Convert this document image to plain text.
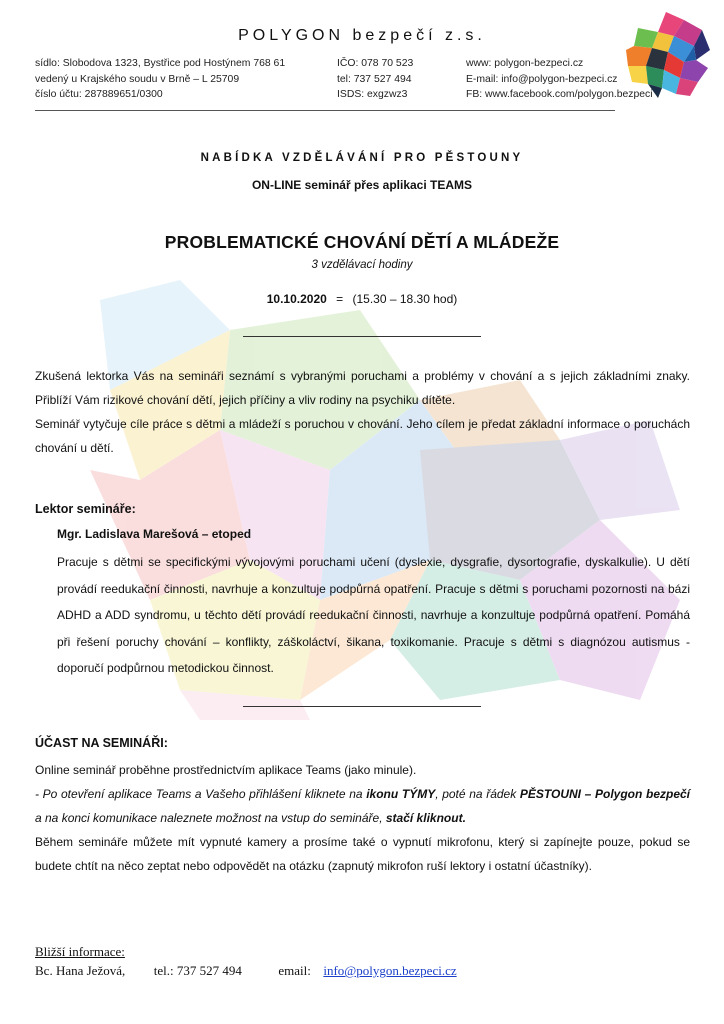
POLYGON bezpečí z.s.
sídlo: Slobodova 1323, Bystřice pod Hostýnem 768 61
vedený u Krajského soudu v Brně – L 25709
číslo účtu: 287889651/0300
IČO: 078 70 523
tel: 737 527 494
ISDS: exgzwz3
www: polygon-bezpeci.cz
E-mail: info@polygon-bezpeci.cz
FB: www.facebook.com/polygon.bezpeci
NABÍDKA VZDĚLÁVÁNÍ PRO PĚSTOUNY
ON-LINE seminář přes aplikaci TEAMS
PROBLEMATICKÉ CHOVÁNÍ DĚTÍ A MLÁDEŽE
3 vzdělávací hodiny
10.10.2020 = (15.30 – 18.30 hod)

Zkušená lektorka Vás na semináři seznámí s vybranými poruchami a problémy v chování a s jejich základními znaky. Přiblíží Vám rizikové chování dětí, jejich příčiny a vliv rodiny na psychiku dítěte.

Seminář vytyčuje cíle práce s dětmi a mládeží s poruchou v chování. Jeho cílem je předat základní informace o poruchách chování u dětí.

Lektor semináře:
Mgr. Ladislava Marešová – etoped
Pracuje s dětmi se specifickými vývojovými poruchami učení (dyslexie, dysgrafie, dysortografie, dyskalkulie). U dětí provádí reedukační činnosti, navrhuje a konzultuje podpůrná opatření. Pracuje s dětmi s poruchami pozornosti na bázi ADHD a ADD syndromu, u těchto dětí provádí reedukační činnosti, navrhuje a konzultuje podpůrná opatření. Pomáhá při řešení poruchy chování – konflikty, záškoláctví, šikana, toxikomanie. Pracuje s dětmi s diagnózou autismus - doporučí podpůrnou metodickou činnost.
ÚČAST NA SEMINÁŘI:

Online seminář proběhne prostřednictvím aplikace Teams (jako minule).

- Po otevření aplikace Teams a Vašeho přihlášení kliknete na ikonu TÝMY, poté na řádek PĚSTOUNI – Polygon bezpečí a na konci komunikace naleznete možnost na vstup do semináře, stačí kliknout.

Během semináře můžete mít vypnuté kamery a prosíme také o vypnutí mikrofonu, který si zapínejte pouze, pokud se budete chtít na něco zeptat nebo odpovědět na otázku (zapnutý mikrofon ruší lektory i ostatní účastníky).

Bližší informace:
Bc. Hana Ježová, tel.: 737 527 494	email: info@polygon.bezpeci.cz
